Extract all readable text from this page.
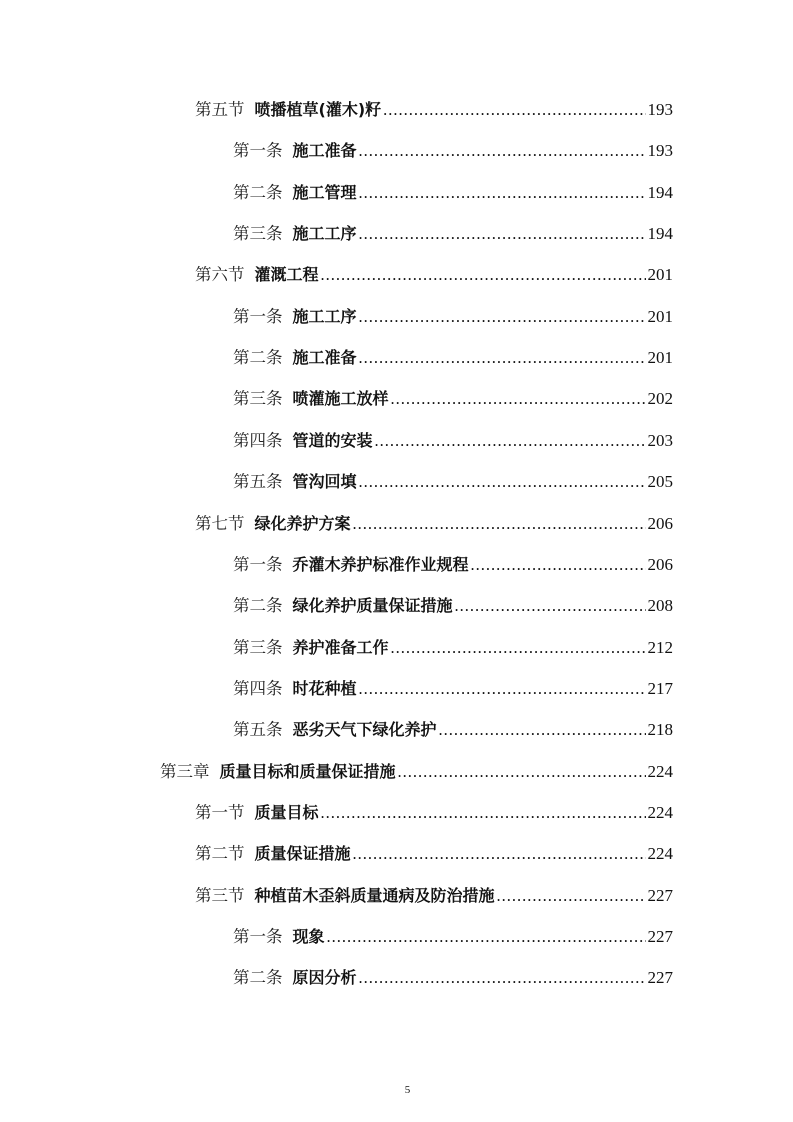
第五节 喷播植草(灌木)籽 .....	193
第一条 施工准备 .....	193
第二条 施工管理 .....	194
第三条 施工工序 .....	194
第六节 灌溉工程 .....	201
第一条 施工工序 .....	201
第二条 施工准备 .....	201
第三条 喷灌施工放样 .....	202
第四条 管道的安装 .....	203
第五条 管沟回填 .....	205
第七节 绿化养护方案 .....	206
第一条 乔灌木养护标准作业规程 .....	206
第二条 绿化养护质量保证措施 .....	208
第三条 养护准备工作 .....	212
第四条 时花种植 .....	217
第五条 恶劣天气下绿化养护 .....	218
第三章 质量目标和质量保证措施 .....	224
第一节 质量目标 .....	224
第二节 质量保证措施 .....	224
第三节 种植苗木歪斜质量通病及防治措施 .....	227
第一条 现象 .....	227
第二条 原因分析 .....	227
5
